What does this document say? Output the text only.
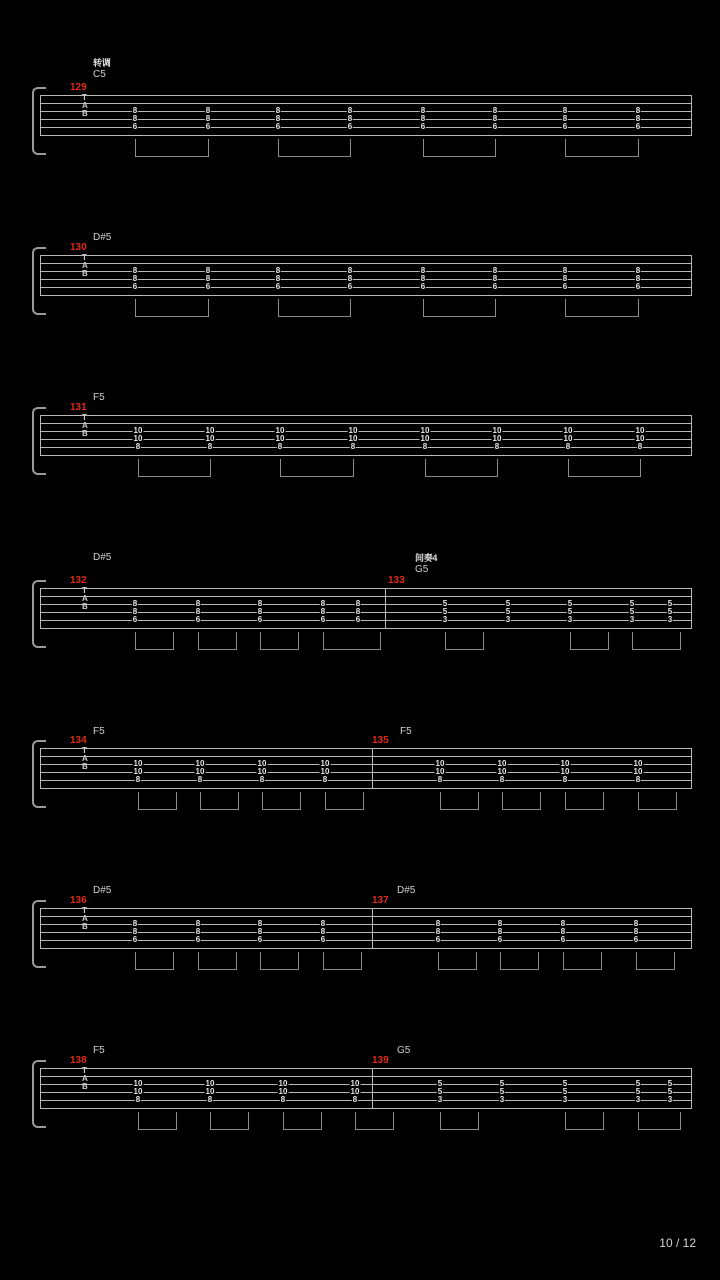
转调
C5
129
T
A
B	8
8
6
8
8
6
8
8
6
8
8
6
8
8
6
8
8
6
8
8
6
8
8
6
D#5
130
T
A
B	8
8
6
8
8
6
8
8
6
8
8
6
8
8
6
8
8
6
8
8
6
8
8
6
F5
131
T
A
B	10
10
8
10
10
8
10
10
8
10
10
8
10
10
8
10
10
8
10
10
8
10
10
8
D#5	间奏4
G5
132	133
T
A
B	8
8
6
8
8
6
8
8
6
8
8
6
8
8
6
5
5
3
5
5
3
5
5
3
5
5
3
5
5
3
F5	F5
134	135
T
A
B	10
10
8
10
10
8
10
10
8
10
10
8
10
10
8
10
10
8
10
10
8
10
10
8
D#5	D#5
136	137
T
A
B	8
8
6
8
8
6
8
8
6
8
8
6
8
8
6
8
8
6
8
8
6
8
8
6
F5	G5
138	139
T
A
B	10
10
8
10
10
8
10
10
8
10
10
8
5
5
3
5
5
3
5
5
3
5
5
3
5
5
3
10 / 12
